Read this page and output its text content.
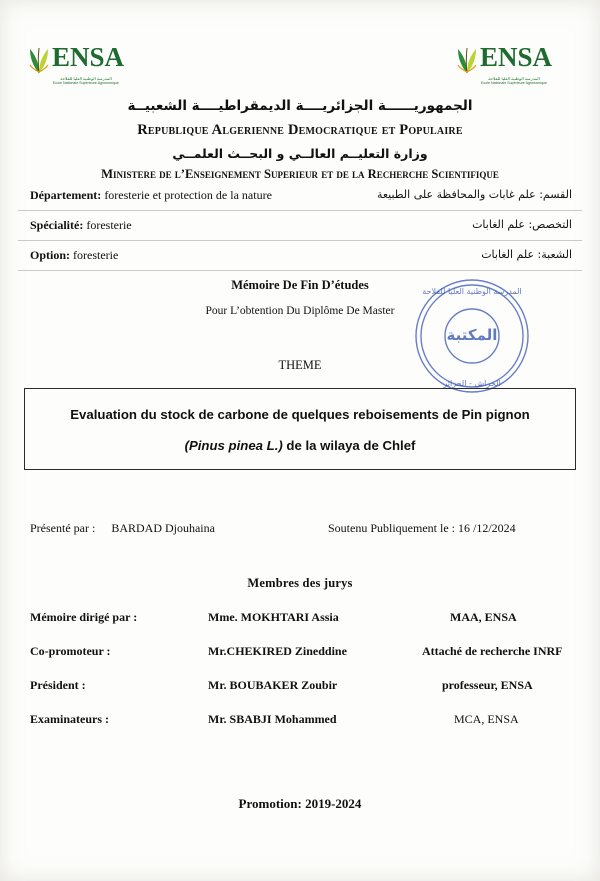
ENSA
المدرسة الوطنية العليا للفلاحة
Ecole Nationale Supérieure Agronomique
ENSA
المدرسة الوطنية العليا للفلاحة
Ecole Nationale Supérieure Agronomique
الجمهوريــــــة الجزائريــــة الديمقراطيــــة الشعبيــة
Republique Algerienne Democratique et Populaire
وزارة التعليــم العالــي و البحــث العلمــي
Ministere de l’Enseignement Superieur et de la Recherche Scientifique
Département: foresterie et protection de la nature	القسم: علم غابات والمحافظة على الطبيعة
Spécialité: foresterie	التخصص: علم الغابات
Option: foresterie	الشعبة: علم الغابات
Mémoire De Fin D’études
Pour L’obtention Du Diplôme De Master
THEME
المكتبة
المدرسة الوطنية العليا للفلاحة
الحراش - الجزائر
Evaluation du stock de carbone de quelques reboisements de Pin pignon
(Pinus pinea L.) de la wilaya de Chlef
Présenté par : BARDAD Djouhaina	Soutenu Publiquement le : 16 /12/2024
Membres des jurys
Mémoire dirigé par :	Mme. MOKHTARI Assia	MAA, ENSA
Co-promoteur :	Mr.CHEKIRED Zineddine	Attaché de recherche INRF
Président :	Mr. BOUBAKER Zoubir	professeur, ENSA
Examinateurs :	Mr. SBABJI Mohammed	MCA, ENSA
Promotion: 2019-2024
